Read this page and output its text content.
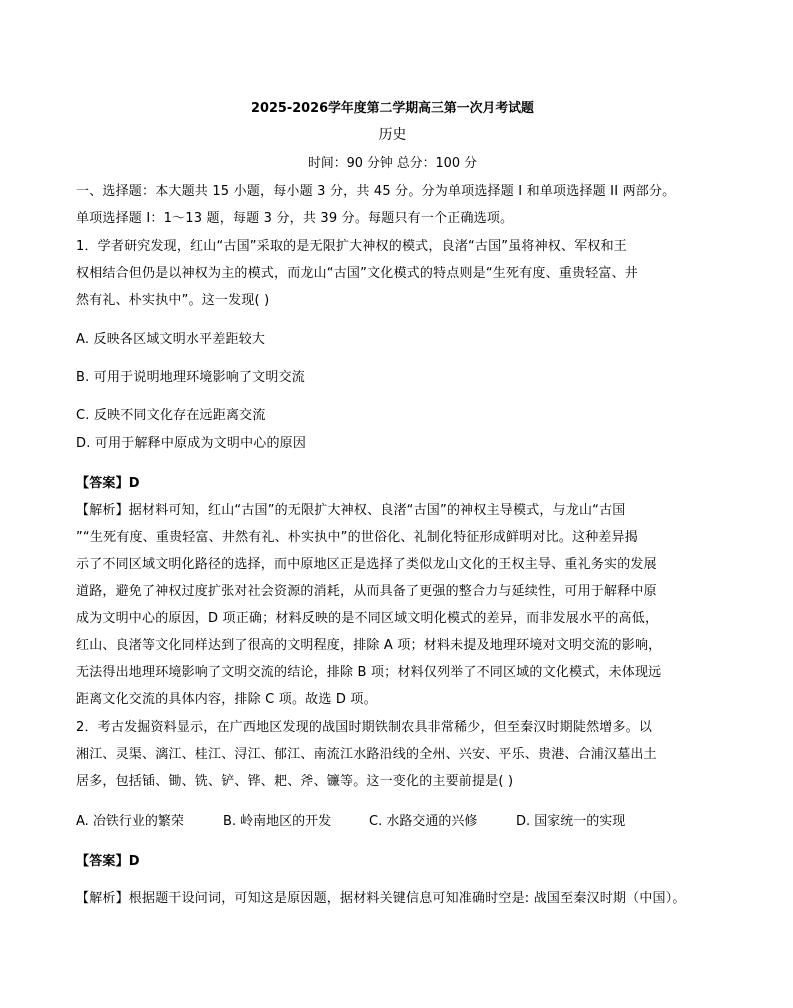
2025-2026学年度第二学期高三第一次月考试题
历史
时间：90 分钟 总分：100 分
一、选择题：本大题共 15 小题，每小题 3 分，共 45 分。分为单项选择题 I 和单项选择题 II 两部分。
单项选择题 I：1～13 题，每题 3 分，共 39 分。每题只有一个正确选项。
1．学者研究发现，红山“古国”采取的是无限扩大神权的模式，良渚“古国”虽将神权、军权和王
权相结合但仍是以神权为主的模式，而龙山“古国”文化模式的特点则是“生死有度、重贵轻富、井
然有礼、朴实执中”。这一发现( )
A. 反映各区域文明水平差距较大
B. 可用于说明地理环境影响了文明交流
C. 反映不同文化存在远距离交流
D. 可用于解释中原成为文明中心的原因
【答案】D
【解析】据材料可知，红山“古国”的无限扩大神权、良渚“古国”的神权主导模式，与龙山“古国
”“生死有度、重贵轻富、井然有礼、朴实执中”的世俗化、礼制化特征形成鲜明对比。这种差异揭
示了不同区域文明化路径的选择，而中原地区正是选择了类似龙山文化的王权主导、重礼务实的发展
道路，避免了神权过度扩张对社会资源的消耗，从而具备了更强的整合力与延续性，可用于解释中原
成为文明中心的原因，D 项正确；材料反映的是不同区域文明化模式的差异，而非发展水平的高低，
红山、良渚等文化同样达到了很高的文明程度，排除 A 项；材料未提及地理环境对文明交流的影响，
无法得出地理环境影响了文明交流的结论，排除 B 项；材料仅列举了不同区域的文化模式，未体现远
距离文化交流的具体内容，排除 C 项。故选 D 项。
2．考古发掘资料显示，在广西地区发现的战国时期铁制农具非常稀少，但至秦汉时期陡然增多。以
湘江、灵渠、漓江、桂江、浔江、郁江、南流江水路沿线的全州、兴安、平乐、贵港、合浦汉墓出土
居多，包括锸、锄、铣、铲、铧、耙、斧、镰等。这一变化的主要前提是( )
A. 冶铁行业的繁荣	B. 岭南地区的开发	C. 水路交通的兴修	D. 国家统一的实现
【答案】D
【解析】根据题干设问词，可知这是原因题，据材料关键信息可知准确时空是: 战国至秦汉时期（中国）。
